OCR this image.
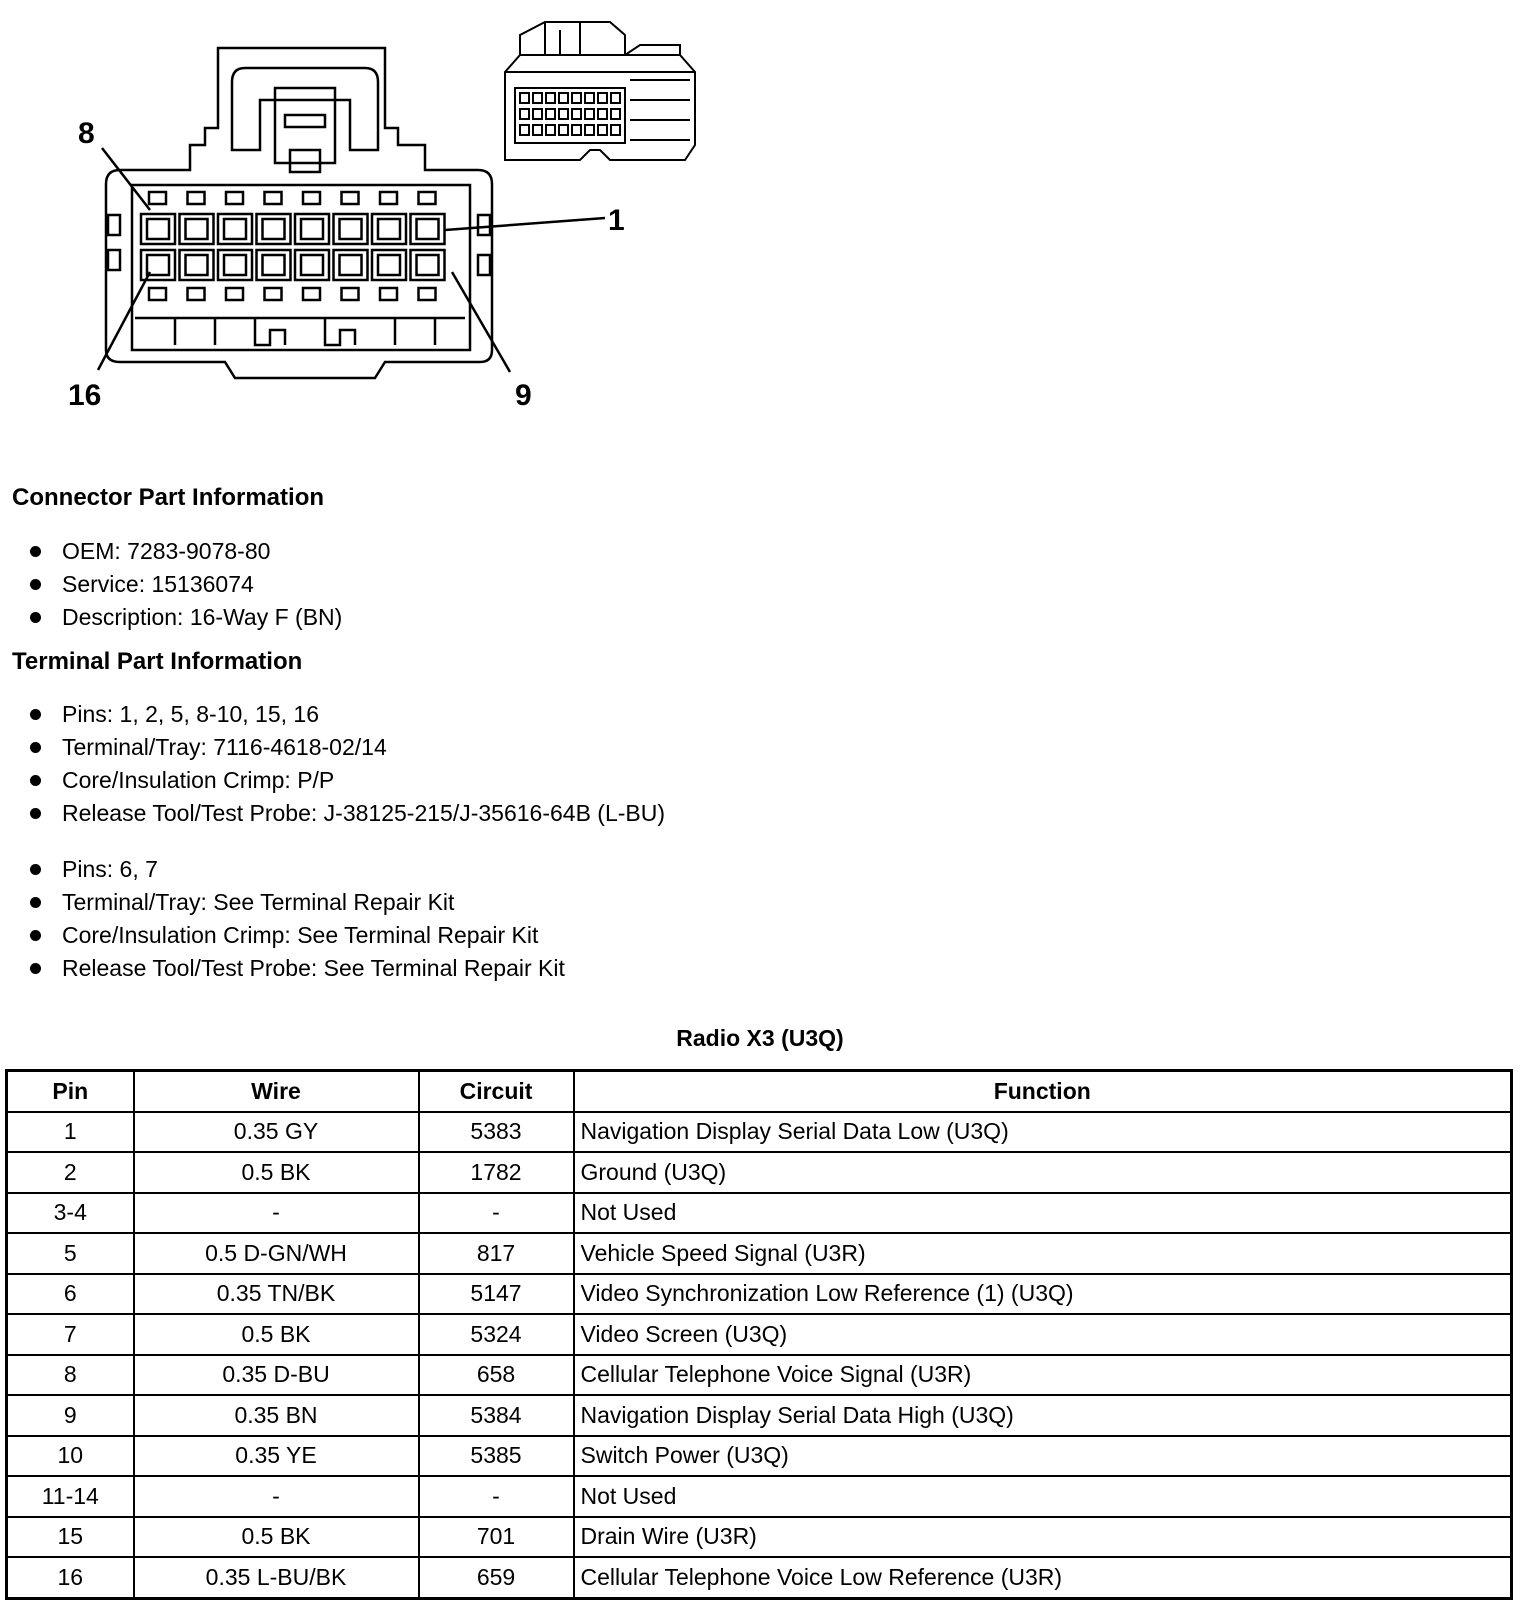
8
1
16	9
Connector Part Information
OEM: 7283-9078-80
Service: 15136074
Description: 16-Way F (BN)
Terminal Part Information
Pins: 1, 2, 5, 8-10, 15, 16
Terminal/Tray: 7116-4618-02/14
Core/Insulation Crimp: P/P
Release Tool/Test Probe: J-38125-215/J-35616-64B (L-BU)
Pins: 6, 7
Terminal/Tray: See Terminal Repair Kit
Core/Insulation Crimp: See Terminal Repair Kit
Release Tool/Test Probe: See Terminal Repair Kit
Radio X3 (U3Q)
Pin	Wire	Circuit	Function
1	0.35 GY	5383	Navigation Display Serial Data Low (U3Q)
2	0.5 BK	1782	Ground (U3Q)
3-4	-	-	Not Used
5	0.5 D-GN/WH	817	Vehicle Speed Signal (U3R)
6	0.35 TN/BK	5147	Video Synchronization Low Reference (1) (U3Q)
7	0.5 BK	5324	Video Screen (U3Q)
8	0.35 D-BU	658	Cellular Telephone Voice Signal (U3R)
9	0.35 BN	5384	Navigation Display Serial Data High (U3Q)
10	0.35 YE	5385	Switch Power (U3Q)
11-14	-	-	Not Used
15	0.5 BK	701	Drain Wire (U3R)
16	0.35 L-BU/BK	659	Cellular Telephone Voice Low Reference (U3R)
